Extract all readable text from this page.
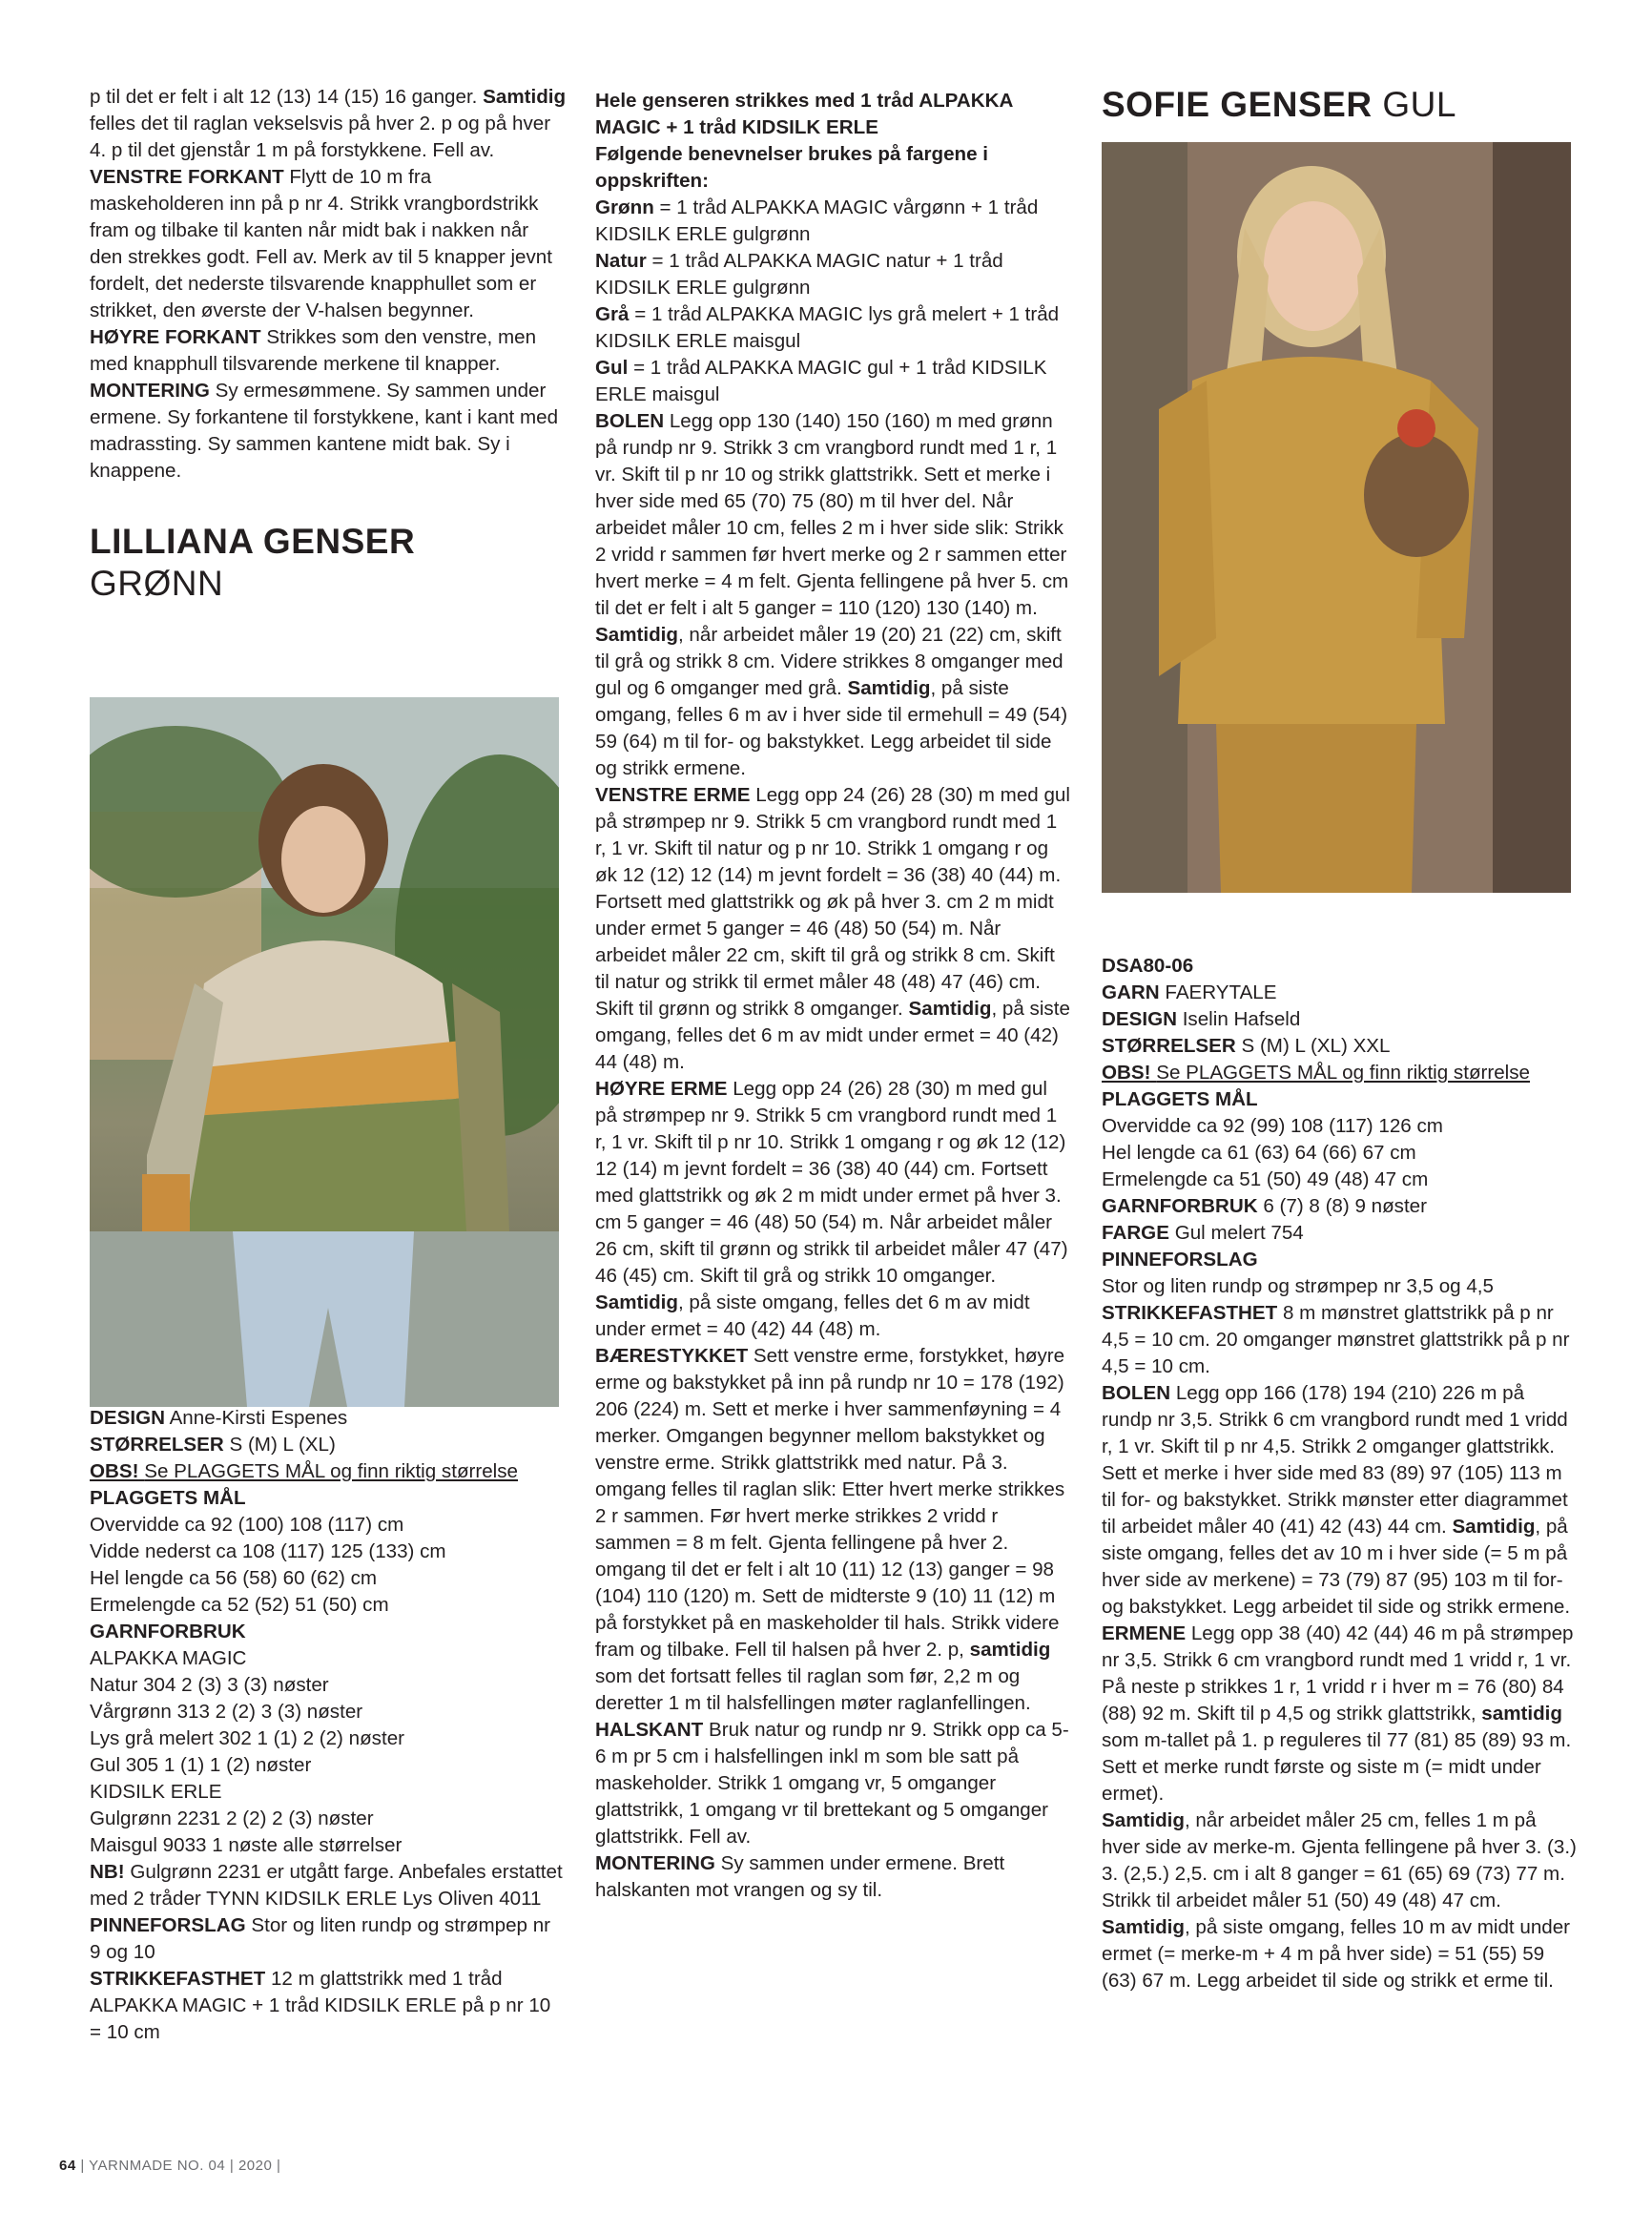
p til det er felt i alt 12 (13) 14 (15) 16 ganger. Samtidig felles det til raglan vekselsvis på hver 2. p og på hver 4. p til det gjenstår 1 m på forstykkene. Fell av.

VENSTRE FORKANT Flytt de 10 m fra maskeholderen inn på p nr 4. Strikk vrangbordstrikk fram og tilbake til kanten når midt bak i nakken når den strekkes godt. Fell av. Merk av til 5 knapper jevnt fordelt, det nederste tilsvarende knapphullet som er strikket, den øverste der V-halsen begynner.

HØYRE FORKANT Strikkes som den venstre, men med knapphull tilsvarende merkene til knapper.

MONTERING Sy ermesømmene. Sy sammen under ermene. Sy forkantene til forstykkene, kant i kant med madrassting. Sy sammen kantene midt bak. Sy i knappene.

LILLIANA GENSER
GRØNN

DESIGN Anne-Kirsti Espenes

STØRRELSER S (M) L (XL)

OBS! Se PLAGGETS MÅL og finn riktig størrelse

PLAGGETS MÅL

Overvidde ca 92 (100) 108 (117) cm

Vidde nederst ca 108 (117) 125 (133) cm

Hel lengde ca 56 (58) 60 (62) cm

Ermelengde ca 52 (52) 51 (50) cm

GARNFORBRUK

ALPAKKA MAGIC

Natur 304 2 (3) 3 (3) nøster

Vårgrønn 313 2 (2) 3 (3) nøster

Lys grå melert 302 1 (1) 2 (2) nøster

Gul 305 1 (1) 1 (2) nøster

KIDSILK ERLE

Gulgrønn 2231 2 (2) 2 (3) nøster

Maisgul 9033 1 nøste alle størrelser

NB! Gulgrønn 2231 er utgått farge. Anbefales erstattet med 2 tråder TYNN KIDSILK ERLE Lys Oliven 4011

PINNEFORSLAG Stor og liten rundp og strømpep nr 9 og 10

STRIKKEFASTHET 12 m glattstrikk med 1 tråd ALPAKKA MAGIC + 1 tråd KIDSILK ERLE på p nr 10 = 10 cm

Hele genseren strikkes med 1 tråd ALPAKKA MAGIC + 1 tråd KIDSILK ERLE

Følgende benevnelser brukes på fargene i oppskriften:

Grønn = 1 tråd ALPAKKA MAGIC vårgønn + 1 tråd KIDSILK ERLE gulgrønn

Natur = 1 tråd ALPAKKA MAGIC natur + 1 tråd KIDSILK ERLE gulgrønn

Grå = 1 tråd ALPAKKA MAGIC lys grå melert + 1 tråd KIDSILK ERLE maisgul

Gul = 1 tråd ALPAKKA MAGIC gul + 1 tråd KIDSILK ERLE maisgul

BOLEN Legg opp 130 (140) 150 (160) m med grønn på rundp nr 9. Strikk 3 cm vrangbord rundt med 1 r, 1 vr. Skift til p nr 10 og strikk glattstrikk. Sett et merke i hver side med 65 (70) 75 (80) m til hver del. Når arbeidet måler 10 cm, felles 2 m i hver side slik: Strikk 2 vridd r sammen før hvert merke og 2 r sammen etter hvert merke = 4 m felt. Gjenta fellingene på hver 5. cm til det er felt i alt 5 ganger = 110 (120) 130 (140) m. Samtidig, når arbeidet måler 19 (20) 21 (22) cm, skift til grå og strikk 8 cm. Videre strikkes 8 omganger med gul og 6 omganger med grå. Samtidig, på siste omgang, felles 6 m av i hver side til ermehull = 49 (54) 59 (64) m til for- og bakstykket. Legg arbeidet til side og strikk ermene.

VENSTRE ERME Legg opp 24 (26) 28 (30) m med gul på strømpep nr 9. Strikk 5 cm vrangbord rundt med 1 r, 1 vr. Skift til natur og p nr 10. Strikk 1 omgang r og øk 12 (12) 12 (14) m jevnt fordelt = 36 (38) 40 (44) m. Fortsett med glattstrikk og øk på hver 3. cm 2 m midt under ermet 5 ganger = 46 (48) 50 (54) m. Når arbeidet måler 22 cm, skift til grå og strikk 8 cm. Skift til natur og strikk til ermet måler 48 (48) 47 (46) cm. Skift til grønn og strikk 8 omganger. Samtidig, på siste omgang, felles det 6 m av midt under ermet = 40 (42) 44 (48) m.

HØYRE ERME Legg opp 24 (26) 28 (30) m med gul på strømpep nr 9. Strikk 5 cm vrangbord rundt med 1 r, 1 vr. Skift til p nr 10. Strikk 1 omgang r og øk 12 (12) 12 (14) m jevnt fordelt = 36 (38) 40 (44) cm. Fortsett med glattstrikk og øk 2 m midt under ermet på hver 3. cm 5 ganger = 46 (48) 50 (54) m. Når arbeidet måler 26 cm, skift til grønn og strikk til arbeidet måler 47 (47) 46 (45) cm. Skift til grå og strikk 10 omganger. Samtidig, på siste omgang, felles det 6 m av midt under ermet = 40 (42) 44 (48) m.

BÆRESTYKKET Sett venstre erme, forstykket, høyre erme og bakstykket på inn på rundp nr 10 = 178 (192) 206 (224) m. Sett et merke i hver sammenføyning = 4 merker. Omgangen begynner mellom bakstykket og venstre erme. Strikk glattstrikk med natur. På 3. omgang felles til raglan slik: Etter hvert merke strikkes 2 r sammen. Før hvert merke strikkes 2 vridd r sammen = 8 m felt. Gjenta fellingene på hver 2. omgang til det er felt i alt 10 (11) 12 (13) ganger = 98 (104) 110 (120) m. Sett de midterste 9 (10) 11 (12) m på forstykket på en maskeholder til hals. Strikk videre fram og tilbake. Fell til halsen på hver 2. p, samtidig som det fortsatt felles til raglan som før, 2,2 m og deretter 1 m til halsfellingen møter raglanfellingen.

HALSKANT Bruk natur og rundp nr 9. Strikk opp ca 5-6 m pr 5 cm i halsfellingen inkl m som ble satt på maskeholder. Strikk 1 omgang vr, 5 omganger glattstrikk, 1 omgang vr til brettekant og 5 omganger glattstrikk. Fell av.

MONTERING Sy sammen under ermene. Brett halskanten mot vrangen og sy til.

SOFIE GENSER GUL

DSA80-06

GARN FAERYTALE

DESIGN Iselin Hafseld

STØRRELSER S (M) L (XL) XXL

OBS! Se PLAGGETS MÅL og finn riktig størrelse

PLAGGETS MÅL

Overvidde ca 92 (99) 108 (117) 126 cm

Hel lengde ca 61 (63) 64 (66) 67 cm

Ermelengde ca 51 (50) 49 (48) 47 cm

GARNFORBRUK 6 (7) 8 (8) 9 nøster

FARGE Gul melert 754

PINNEFORSLAG

Stor og liten rundp og strømpep nr 3,5 og 4,5

STRIKKEFASTHET 8 m mønstret glattstrikk på p nr 4,5 = 10 cm. 20 omganger mønstret glattstrikk på p nr 4,5 = 10 cm.

BOLEN Legg opp 166 (178) 194 (210) 226 m på rundp nr 3,5. Strikk 6 cm vrangbord rundt med 1 vridd r, 1 vr. Skift til p nr 4,5. Strikk 2 omganger glattstrikk. Sett et merke i hver side med 83 (89) 97 (105) 113 m til for- og bakstykket. Strikk mønster etter diagrammet til arbeidet måler 40 (41) 42 (43) 44 cm. Samtidig, på siste omgang, felles det av 10 m i hver side (= 5 m på hver side av merkene) = 73 (79) 87 (95) 103 m til for- og bakstykket. Legg arbeidet til side og strikk ermene.

ERMENE Legg opp 38 (40) 42 (44) 46 m på strømpep nr 3,5. Strikk 6 cm vrangbord rundt med 1 vridd r, 1 vr. På neste p strikkes 1 r, 1 vridd r i hver m = 76 (80) 84 (88) 92 m. Skift til p 4,5 og strikk glattstrikk, samtidig som m-tallet på 1. p reguleres til 77 (81) 85 (89) 93 m. Sett et merke rundt første og siste m (= midt under ermet).

Samtidig, når arbeidet måler 25 cm, felles 1 m på hver side av merke-m. Gjenta fellingene på hver 3. (3.) 3. (2,5.) 2,5. cm i alt 8 ganger = 61 (65) 69 (73) 77 m. Strikk til arbeidet måler 51 (50) 49 (48) 47 cm.

Samtidig, på siste omgang, felles 10 m av midt under ermet (= merke-m + 4 m på hver side) = 51 (55) 59 (63) 67 m. Legg arbeidet til side og strikk et erme til.

64 | YARNMADE NO. 04 | 2020 |
